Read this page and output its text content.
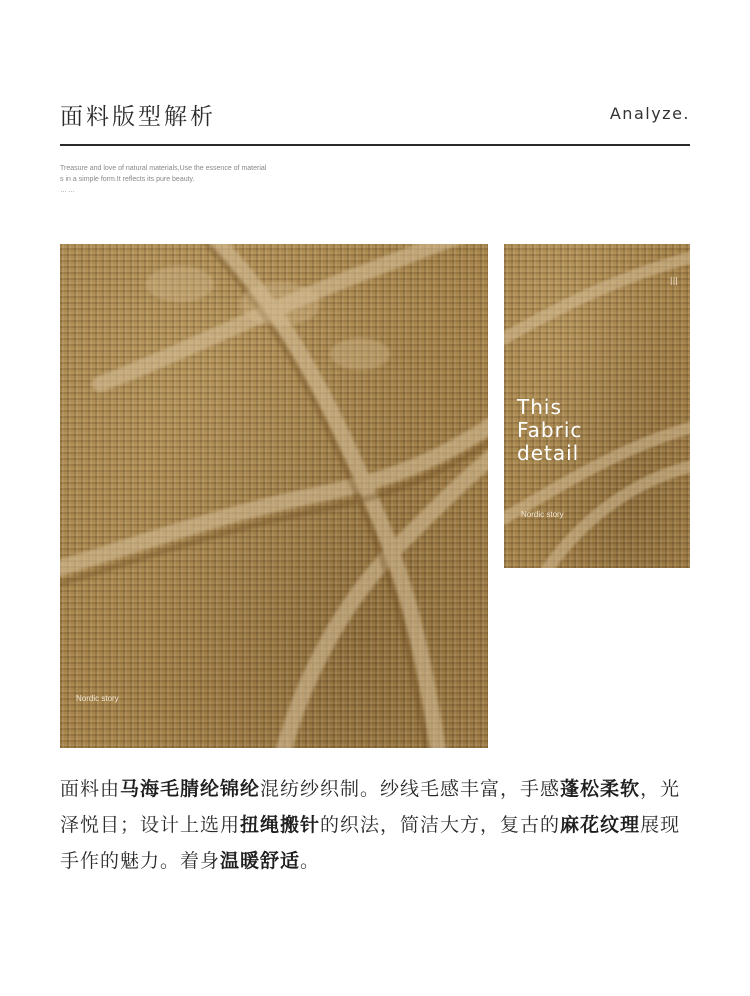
面料版型解析	Analyze.
Treasure and love of natural materials,Use the essence of material
s in a simple form.It reflects its pure beauty.
……
Nordic story
|||
This
Fabric
detail
Nordic story
面料由马海毛腈纶锦纶混纺纱织制。纱线毛感丰富，手感蓬松柔软，光泽悦目；设计上选用扭绳搬针的织法，简洁大方，复古的麻花纹理展现手作的魅力。着身温暖舒适。
